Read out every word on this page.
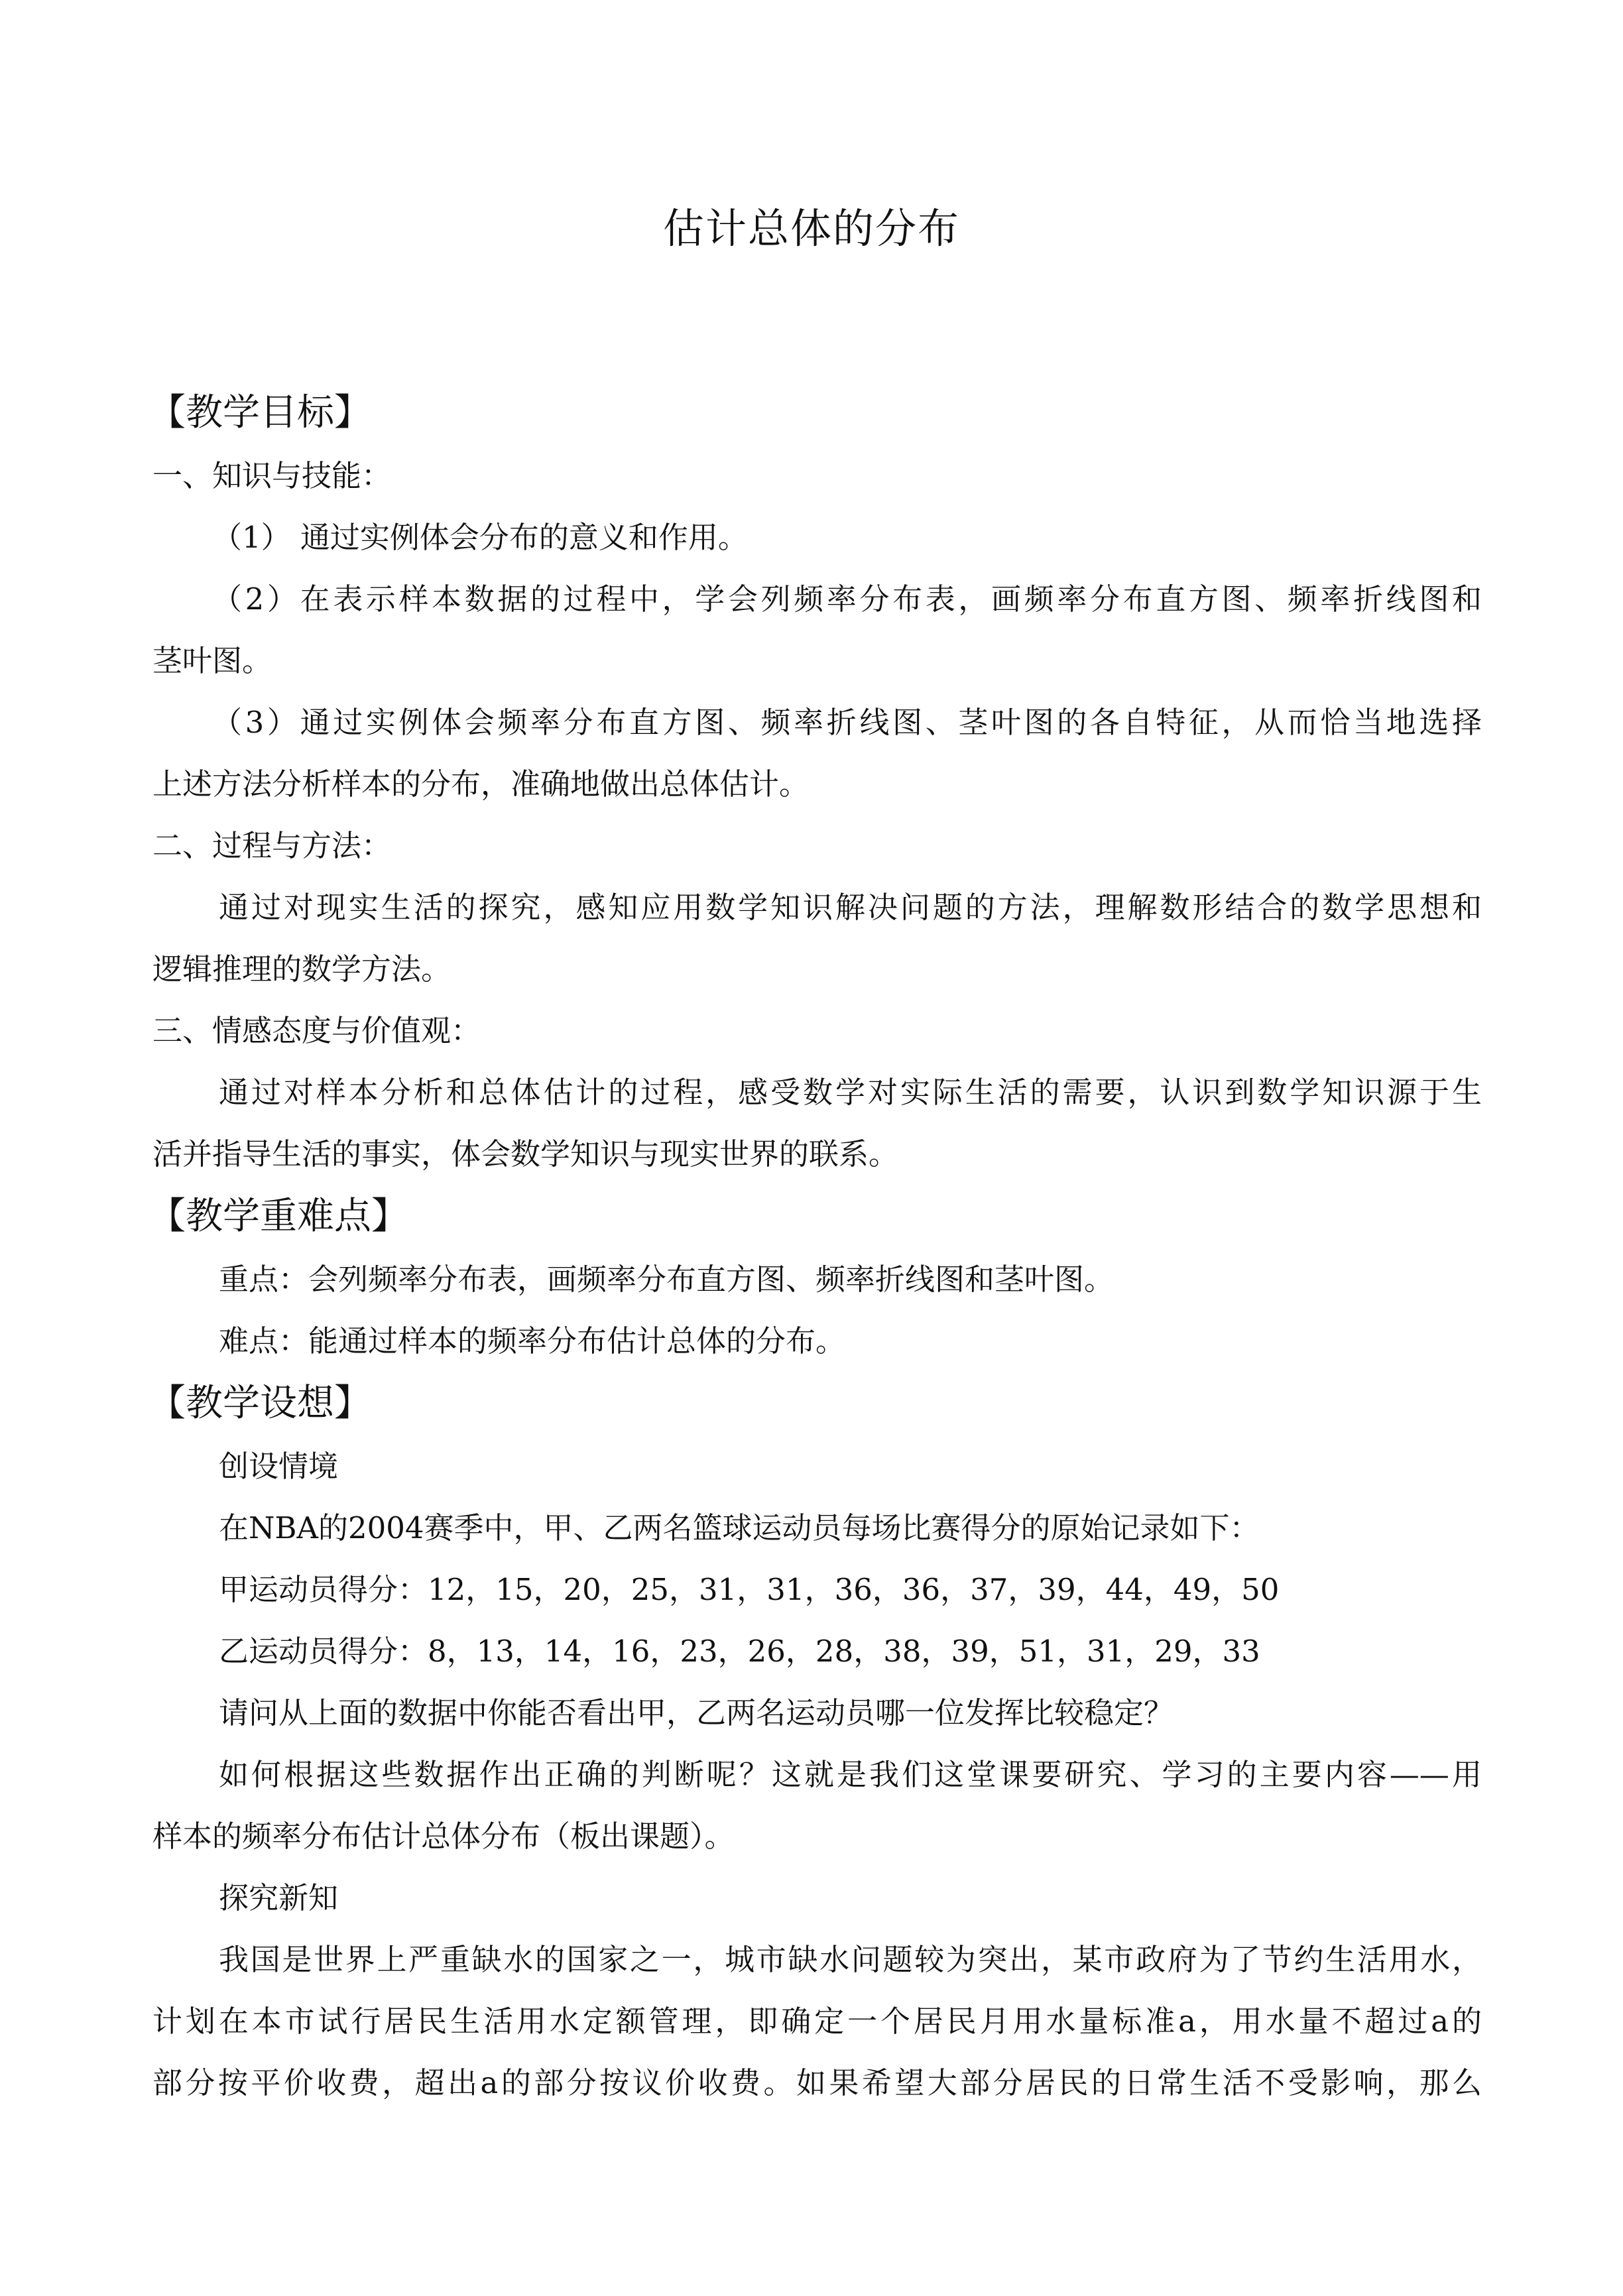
估计总体的分布
【教学目标】
一、知识与技能：
（1） 通过实例体会分布的意义和作用。
（2）在表示样本数据的过程中，学会列频率分布表，画频率分布直方图、频率折线图和
茎叶图。
（3）通过实例体会频率分布直方图、频率折线图、茎叶图的各自特征，从而恰当地选择
上述方法分析样本的分布，准确地做出总体估计。
二、过程与方法：
通过对现实生活的探究，感知应用数学知识解决问题的方法，理解数形结合的数学思想和
逻辑推理的数学方法。
三、情感态度与价值观：
通过对样本分析和总体估计的过程，感受数学对实际生活的需要，认识到数学知识源于生
活并指导生活的事实，体会数学知识与现实世界的联系。
【教学重难点】
重点：会列频率分布表，画频率分布直方图、频率折线图和茎叶图。
难点：能通过样本的频率分布估计总体的分布。
【教学设想】
创设情境
在NBA的2004赛季中，甲、乙两名篮球运动员每场比赛得分的原始记录如下：
甲运动员得分：12，15，20，25，31，31，36，36，37，39，44，49，50
乙运动员得分：8，13，14，16，23，26，28，38，39，51，31，29，33
请问从上面的数据中你能否看出甲，乙两名运动员哪一位发挥比较稳定？
如何根据这些数据作出正确的判断呢？这就是我们这堂课要研究、学习的主要内容——用
样本的频率分布估计总体分布（板出课题）。
探究新知
我国是世界上严重缺水的国家之一，城市缺水问题较为突出，某市政府为了节约生活用水，
计划在本市试行居民生活用水定额管理，即确定一个居民月用水量标准a，用水量不超过a的
部分按平价收费，超出a的部分按议价收费。如果希望大部分居民的日常生活不受影响，那么
